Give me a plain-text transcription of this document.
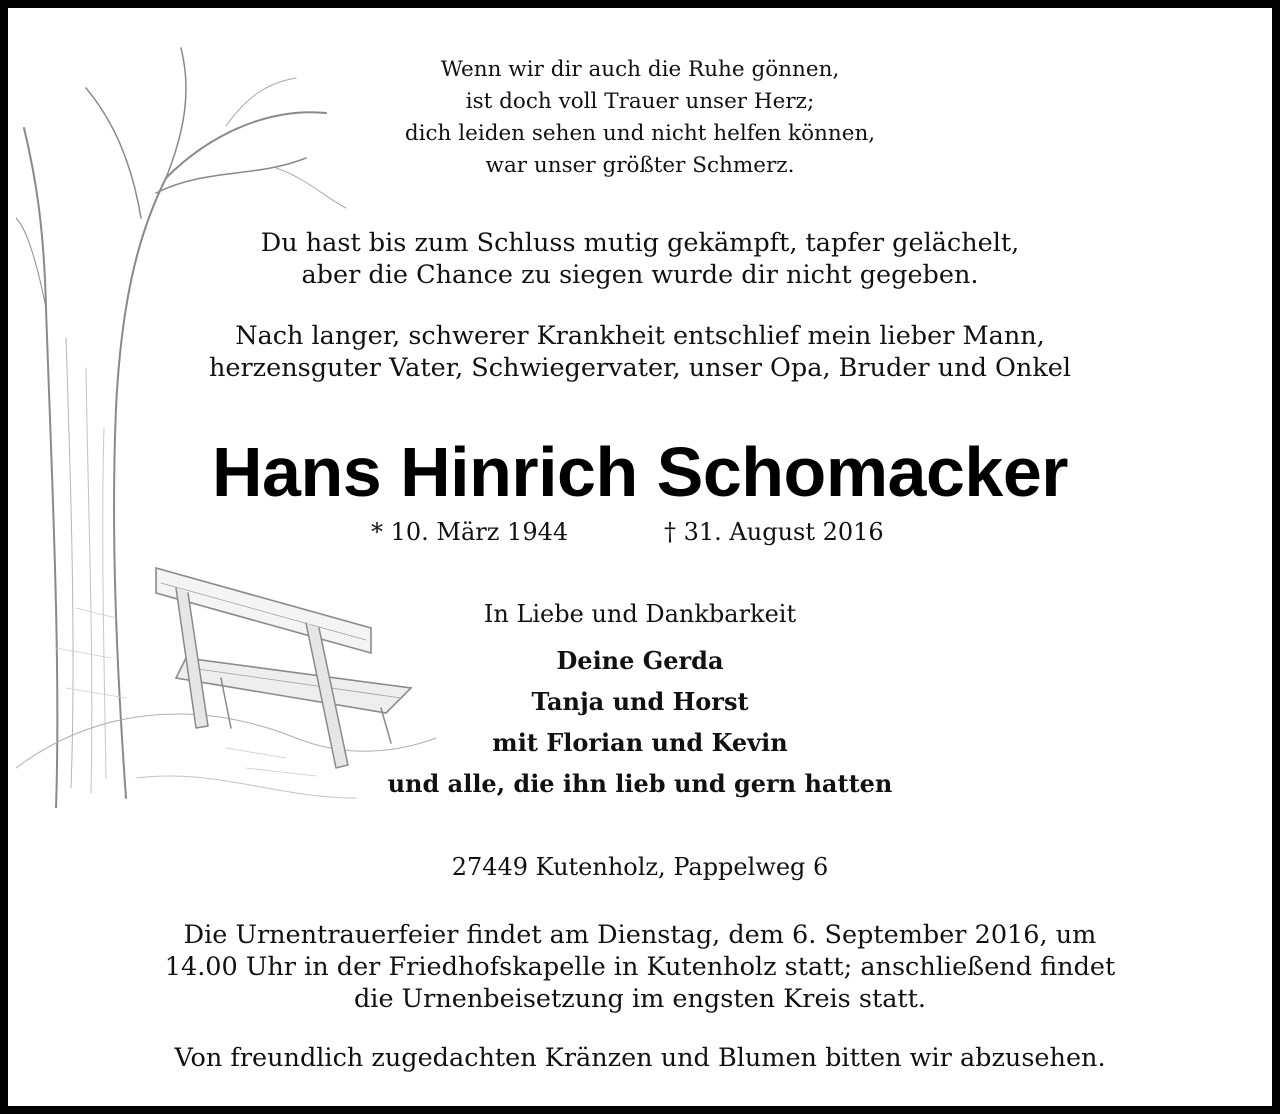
Wenn wir dir auch die Ruhe gönnen,
ist doch voll Trauer unser Herz;
dich leiden sehen und nicht helfen können,
war unser größter Schmerz.
Du hast bis zum Schluss mutig gekämpft, tapfer gelächelt,
aber die Chance zu siegen wurde dir nicht gegeben.
Nach langer, schwerer Krankheit entschlief mein lieber Mann,
herzensguter Vater, Schwiegervater, unser Opa, Bruder und Onkel
Hans Hinrich Schomacker
* 10. März 1944	† 31. August 2016
In Liebe und Dankbarkeit
Deine Gerda
Tanja und Horst
mit Florian und Kevin
und alle, die ihn lieb und gern hatten
27449 Kutenholz, Pappelweg 6
Die Urnentrauerfeier findet am Dienstag, dem 6. September 2016, um
14.00 Uhr in der Friedhofskapelle in Kutenholz statt; anschließend findet
die Urnenbeisetzung im engsten Kreis statt.
Von freundlich zugedachten Kränzen und Blumen bitten wir abzusehen.
